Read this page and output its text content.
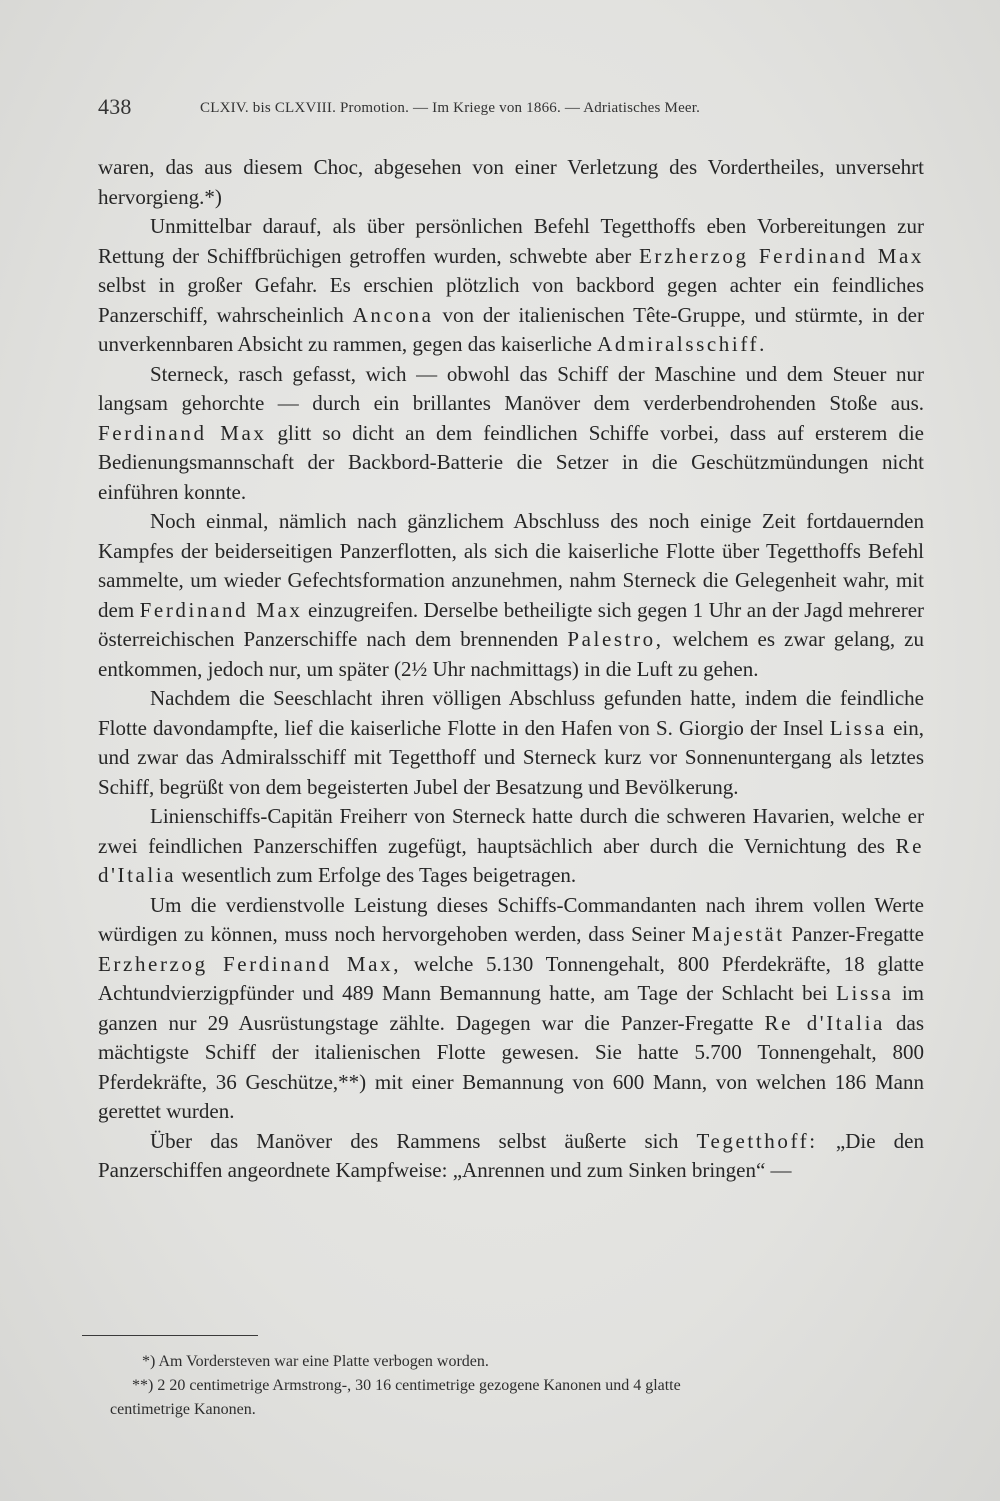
438	CLXIV. bis CLXVIII. Promotion. — Im Kriege von 1866. — Adriatisches Meer.

waren, das aus diesem Choc, abgesehen von einer Verletzung des Vordertheiles, unversehrt hervorgieng.*)

Unmittelbar darauf, als über persönlichen Befehl Tegetthoffs eben Vorbereitungen zur Rettung der Schiffbrüchigen getroffen wurden, schwebte aber Erzherzog Ferdinand Max selbst in großer Gefahr. Es erschien plötzlich von backbord gegen achter ein feindliches Panzerschiff, wahrscheinlich Ancona von der italienischen Tête-Gruppe, und stürmte, in der unverkennbaren Absicht zu rammen, gegen das kaiserliche Admiralsschiff.

Sterneck, rasch gefasst, wich — obwohl das Schiff der Maschine und dem Steuer nur langsam gehorchte — durch ein brillantes Manöver dem verderbendrohenden Stoße aus. Ferdinand Max glitt so dicht an dem feindlichen Schiffe vorbei, dass auf ersterem die Bedienungsmannschaft der Backbord-Batterie die Setzer in die Geschützmündungen nicht einführen konnte.

Noch einmal, nämlich nach gänzlichem Abschluss des noch einige Zeit fortdauernden Kampfes der beiderseitigen Panzerflotten, als sich die kaiserliche Flotte über Tegetthoffs Befehl sammelte, um wieder Gefechtsformation anzunehmen, nahm Sterneck die Gelegenheit wahr, mit dem Ferdinand Max einzugreifen. Derselbe betheiligte sich gegen 1 Uhr an der Jagd mehrerer österreichischen Panzerschiffe nach dem brennenden Palestro, welchem es zwar gelang, zu entkommen, jedoch nur, um später (2½ Uhr nachmittags) in die Luft zu gehen.

Nachdem die Seeschlacht ihren völligen Abschluss gefunden hatte, indem die feindliche Flotte davondampfte, lief die kaiserliche Flotte in den Hafen von S. Giorgio der Insel Lissa ein, und zwar das Admiralsschiff mit Tegetthoff und Sterneck kurz vor Sonnenuntergang als letztes Schiff, begrüßt von dem begeisterten Jubel der Besatzung und Bevölkerung.

Linienschiffs-Capitän Freiherr von Sterneck hatte durch die schweren Havarien, welche er zwei feindlichen Panzerschiffen zugefügt, hauptsächlich aber durch die Vernichtung des Re d'Italia wesentlich zum Erfolge des Tages beigetragen.

Um die verdienstvolle Leistung dieses Schiffs-Commandanten nach ihrem vollen Werte würdigen zu können, muss noch hervorgehoben werden, dass Seiner Majestät Panzer-Fregatte Erzherzog Ferdinand Max, welche 5.130 Tonnengehalt, 800 Pferdekräfte, 18 glatte Achtundvierzigpfünder und 489 Mann Bemannung hatte, am Tage der Schlacht bei Lissa im ganzen nur 29 Ausrüstungstage zählte. Dagegen war die Panzer-Fregatte Re d'Italia das mächtigste Schiff der italienischen Flotte gewesen. Sie hatte 5.700 Tonnengehalt, 800 Pferdekräfte, 36 Geschütze,**) mit einer Bemannung von 600 Mann, von welchen 186 Mann gerettet wurden.

Über das Manöver des Rammens selbst äußerte sich Tegetthoff: „Die den Panzerschiffen angeordnete Kampfweise: „Anrennen und zum Sinken bringen“ —

*) Am Vordersteven war eine Platte verbogen worden.

**) 2 20 centimetrige Armstrong-, 30 16 centimetrige gezogene Kanonen und 4 glatte
centimetrige Kanonen.
